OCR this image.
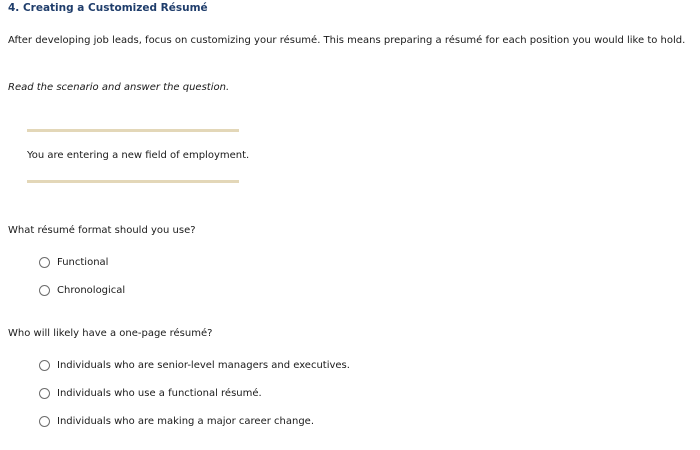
4. Creating a Customized Résumé

After developing job leads, focus on customizing your résumé. This means preparing a résumé for each position you would like to hold.

Read the scenario and answer the question.

You are entering a new field of employment.

What résumé format should you use?

Functional
Chronological

Who will likely have a one-page résumé?

Individuals who are senior-level managers and executives.
Individuals who use a functional résumé.
Individuals who are making a major career change.
